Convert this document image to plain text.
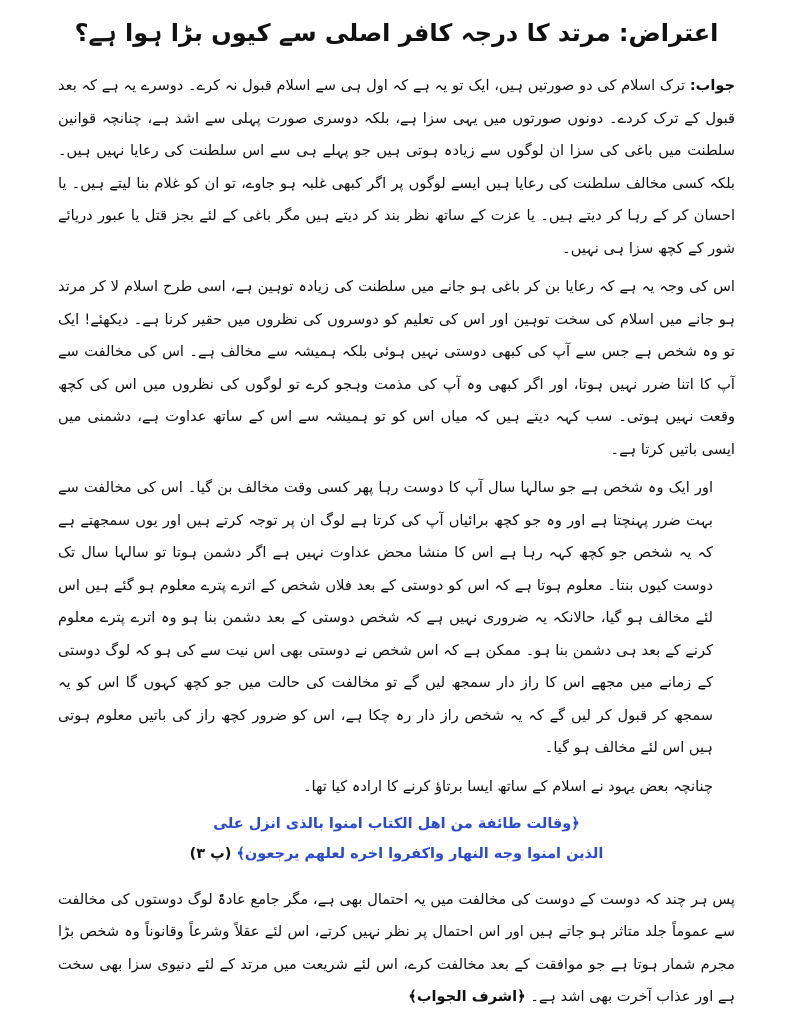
اعتراض: مرتد کا درجہ کافر اصلی سے کیوں بڑا ہوا ہے؟

جواب: ترک اسلام کی دو صورتیں ہیں، ایک تو یہ ہے کہ اول ہی سے اسلام قبول نہ کرے۔ دوسرے یہ ہے کہ بعد قبول کے ترک کردے۔ دونوں صورتوں میں یہی سزا ہے، بلکہ دوسری صورت پہلی سے اشد ہے، چنانچہ قوانین سلطنت میں باغی کی سزا ان لوگوں سے زیادہ ہوتی ہیں جو پہلے ہی سے اس سلطنت کی رعایا نہیں ہیں۔ بلکہ کسی مخالف سلطنت کی رعایا ہیں ایسے لوگوں پر اگر کبھی غلبہ ہو جاوے، تو ان کو غلام بنا لیتے ہیں۔ یا احسان کر کے رہا کر دیتے ہیں۔ یا عزت کے ساتھ نظر بند کر دیتے ہیں مگر باغی کے لئے بجز قتل یا عبور دریائے شور کے کچھ سزا ہی نہیں۔

اس کی وجہ یہ ہے کہ رعایا بن کر باغی ہو جانے میں سلطنت کی زیادہ توہین ہے، اسی طرح اسلام لا کر مرتد ہو جانے میں اسلام کی سخت توہین اور اس کی تعلیم کو دوسروں کی نظروں میں حقیر کرنا ہے۔ دیکھئے! ایک تو وہ شخص ہے جس سے آپ کی کبھی دوستی نہیں ہوئی بلکہ ہمیشہ سے مخالف ہے۔ اس کی مخالفت سے آپ کا اتنا ضرر نہیں ہوتا، اور اگر کبھی وہ آپ کی مذمت وہجو کرے تو لوگوں کی نظروں میں اس کی کچھ وقعت نہیں ہوتی۔ سب کہہ دیتے ہیں کہ میاں اس کو تو ہمیشہ سے اس کے ساتھ عداوت ہے، دشمنی میں ایسی باتیں کرتا ہے۔

اور ایک وہ شخص ہے جو سالہا سال آپ کا دوست رہا پھر کسی وقت مخالف بن گیا۔ اس کی مخالفت سے بہت ضرر پہنچتا ہے اور وہ جو کچھ برائیاں آپ کی کرتا ہے لوگ ان پر توجہ کرتے ہیں اور یوں سمجھتے ہے کہ یہ شخص جو کچھ کہہ رہا ہے اس کا منشا محض عداوت نہیں ہے اگر دشمن ہوتا تو سالہا سال تک دوست کیوں بنتا۔ معلوم ہوتا ہے کہ اس کو دوستی کے بعد فلاں شخص کے اترے پترے معلوم ہو گئے ہیں اس لئے مخالف ہو گیا، حالانکہ یہ ضروری نہیں ہے کہ شخص دوستی کے بعد دشمن بنا ہو وہ اترے پترے معلوم کرنے کے بعد ہی دشمن بنا ہو۔ ممکن ہے کہ اس شخص نے دوستی بھی اس نیت سے کی ہو کہ لوگ دوستی کے زمانے میں مجھے اس کا راز دار سمجھ لیں گے تو مخالفت کی حالت میں جو کچھ کہوں گا اس کو یہ سمجھ کر قبول کر لیں گے کہ یہ شخص راز دار رہ چکا ہے، اس کو ضرور کچھ راز کی باتیں معلوم ہوتی ہیں اس لئے مخالف ہو گیا۔

چنانچہ بعض یہود نے اسلام کے ساتھ ایسا برتاؤ کرنے کا ارادہ کیا تھا۔

﴿وقالت طائفة من اهل الكتاب امنوا بالذى انزل على
الذين امنوا وجه النهار واكفروا اخره لعلهم يرجعون﴾ (پ ٣)

پس ہر چند کہ دوست کے دوست کی مخالفت میں یہ احتمال بھی ہے، مگر جامع عادۃً لوگ دوستوں کی مخالفت سے عموماً جلد متاثر ہو جاتے ہیں اور اس احتمال پر نظر نہیں کرتے، اس لئے عقلاً وشرعاً وقانوناً وہ شخص بڑا مجرم شمار ہوتا ہے جو موافقت کے بعد مخالفت کرے، اس لئے شریعت میں مرتد کے لئے دنیوی سزا بھی سخت ہے اور عذاب آخرت بھی اشد ہے۔ ﴿اشرف الجواب﴾
